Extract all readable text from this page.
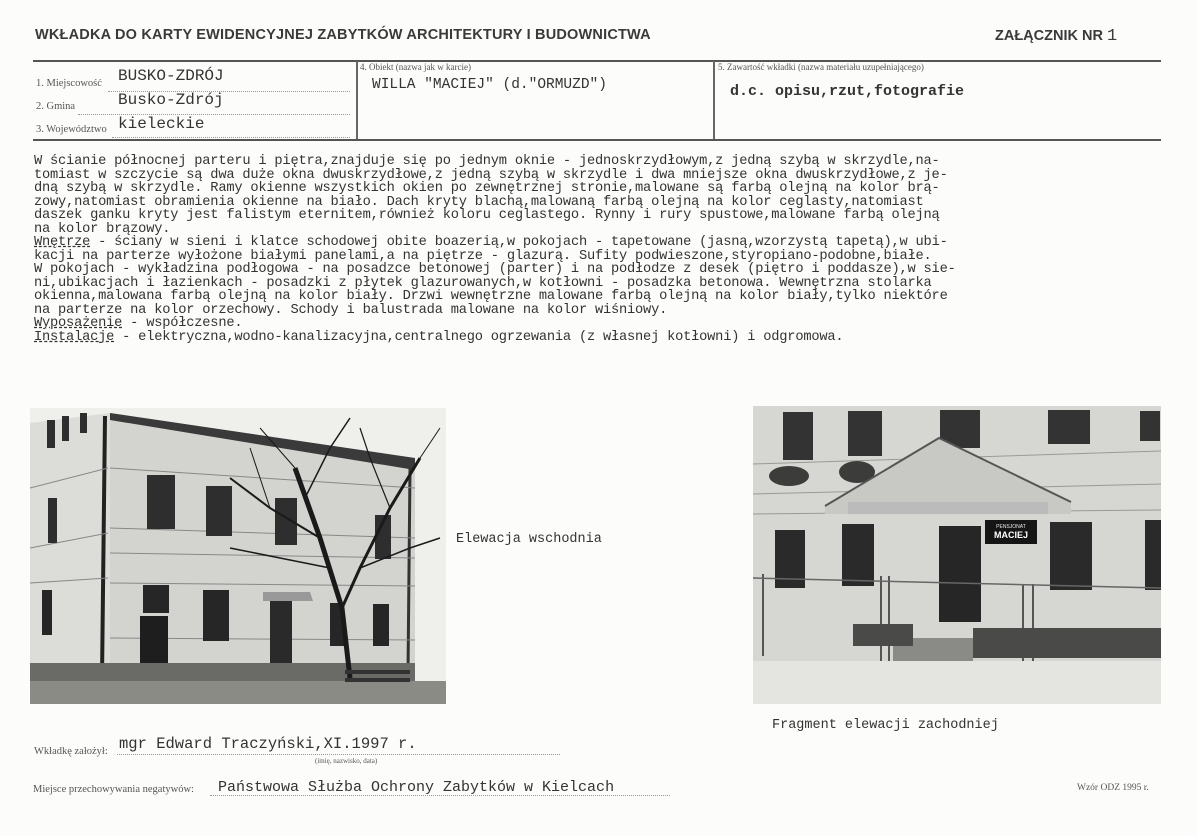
WKŁADKA DO KARTY EWIDENCYJNEJ ZABYTKÓW ARCHITEKTURY I BUDOWNICTWA	ZAŁĄCZNIK NR 1
1. Miejscowość BUSKO-ZDRÓJ
2. Gmina	Busko-Zdrój
3. Województwo kieleckie
4. Obiekt (nazwa jak w karcie)
WILLA "MACIEJ" (d."ORMUZD")
5. Zawartość wkładki (nazwa materiału uzupełniającego)
d.c. opisu,rzut,fotografie
W ścianie północnej parteru i piętra,znajduje się po jednym oknie - jednoskrzydłowym,z jedną szybą w skrzydle,na-
tomiast w szczycie są dwa duże okna dwuskrzydłowe,z jedną szybą w skrzydle i dwa mniejsze okna dwuskrzydłowe,z je-
dną szybą w skrzydle. Ramy okienne wszystkich okien po zewnętrznej stronie,malowane są farbą olejną na kolor brą-
zowy,natomiast obramienia okienne na biało. Dach kryty blachą,malowaną farbą olejną na kolor ceglasty,natomiast
daszek ganku kryty jest falistym eternitem,również koloru ceglastego. Rynny i rury spustowe,malowane farbą olejną
na kolor brązowy.
Wnętrze - ściany w sieni i klatce schodowej obite boazerią,w pokojach - tapetowane (jasną,wzorzystą tapetą),w ubi-
kacji na parterze wyłożone białymi panelami,a na piętrze - glazurą. Sufity podwieszone,styropiano-podobne,białe.
W pokojach - wykładzina podłogowa - na posadzce betonowej (parter) i na podłodze z desek (piętro i poddasze),w sie-
ni,ubikacjach i łazienkach - posadzki z płytek glazurowanych,w kotłowni - posadzka betonowa. Wewnętrzna stolarka
okienna,malowana farbą olejną na kolor biały. Drzwi wewnętrzne malowane farbą olejną na kolor biały,tylko niektóre
na parterze na kolor orzechowy. Schody i balustrada malowane na kolor wiśniowy.
Wyposażenie - współczesne.
Instalacje - elektryczna,wodno-kanalizacyjna,centralnego ogrzewania (z własnej kotłowni) i odgromowa.
Elewacja wschodnia
PENSJONAT
MACIEJ
Fragment elewacji zachodniej
Wkładkę założył: mgr Edward Traczyński,XI.1997 r.
(imię, nazwisko, data)
Miejsce przechowywania negatywów: Państwowa Służba Ochrony Zabytków w Kielcach	Wzór ODZ 1995 r.
